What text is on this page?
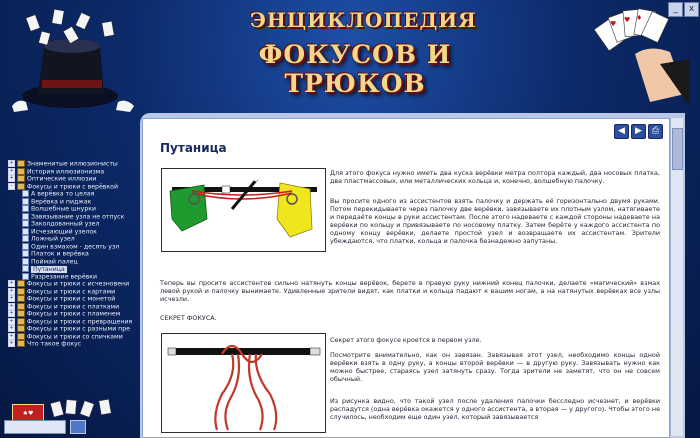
ЭНЦИКЛОПЕДИЯ
ФОКУСОВ И ТРЮКОВ
♥ ♦
♥
_	x
+ Знаменитые иллюзионисты
+ История иллюзионизма
+ Оптические иллюзии
- Фокусы и трюки с верёвкой
А верёвка то целая
Верёвка и пиджак
Волшебные шнурки
Завязывание узла не отпуск
Заколдованный узел
Исчезающий узелок
Ложный узел
Один взмахом - десять узл
Платок и верёвка
Поймай палец
Путаница
Разрезание верёвки
+ Фокусы и трюки с исчезновени
+ Фокусы и трюки с картами
+ Фокусы и трюки с монетой
+ Фокусы и трюки с платками
+ Фокусы и трюки с пламенем
+ Фокусы и трюки с превращения
+ Фокусы и трюки с разными пре
+ Фокусы и трюки со спичками
+ Что такое фокус
♠♥
◀	▶	⎙
Путаница
Для этого фокуса нужно иметь два куска верёвки метра полтора каждый, два носовых платка, два пластмассовых, или металлических кольца и, конечно, волшебную палочку.
Вы просите одного из ассистентов взять палочку и держать её горизонтально двумя руками. Потом перекидываете через палочку две верёвки, завязываете их плотным узлом, натягиваете и передаёте концы в руки ассистентам. После этого надеваете с каждой стороны надеваете на верёвки по кольцу и привязываете по носовому платку. Затем берёте у каждого ассистента по одному концу верёвки, делаете простой узел и возвращаете их ассистентам. Зрители убеждаются, что платки, кольца и палочка безнадежно запутаны.
Теперь вы просите ассистентов сильно натянуть концы верёвок, берете в правую руку нижний конец палочки, делаете «магический» взмах левой рукой и палочку вынимаете. Удивленные зрители видят, как платки и кольца падают к вашим ногам, а на натянутых верёвках все узлы исчезли.
СЕКРЕТ ФОКУСА.
Секрет этого фокусе кроется в первом узле.
Посмотрите внимательно, как он завязан. Завязывая этот узел, необходимо концы одной верёвки взять в одну руку, а концы второй верёвки — в другую руку. Завязывать нужно как можно быстрее, стараясь узел затянуть сразу. Тогда зрители не заметят, что он не совсем обычный.
Из рисунка видно, что такой узел после удаления палочки бесследно исчезнет, и верёвки распадутся (одна верёвка окажется у одного ассистента, а вторая — у другого). Чтобы этого не случилось, необходим еще один узел, который завязывается
